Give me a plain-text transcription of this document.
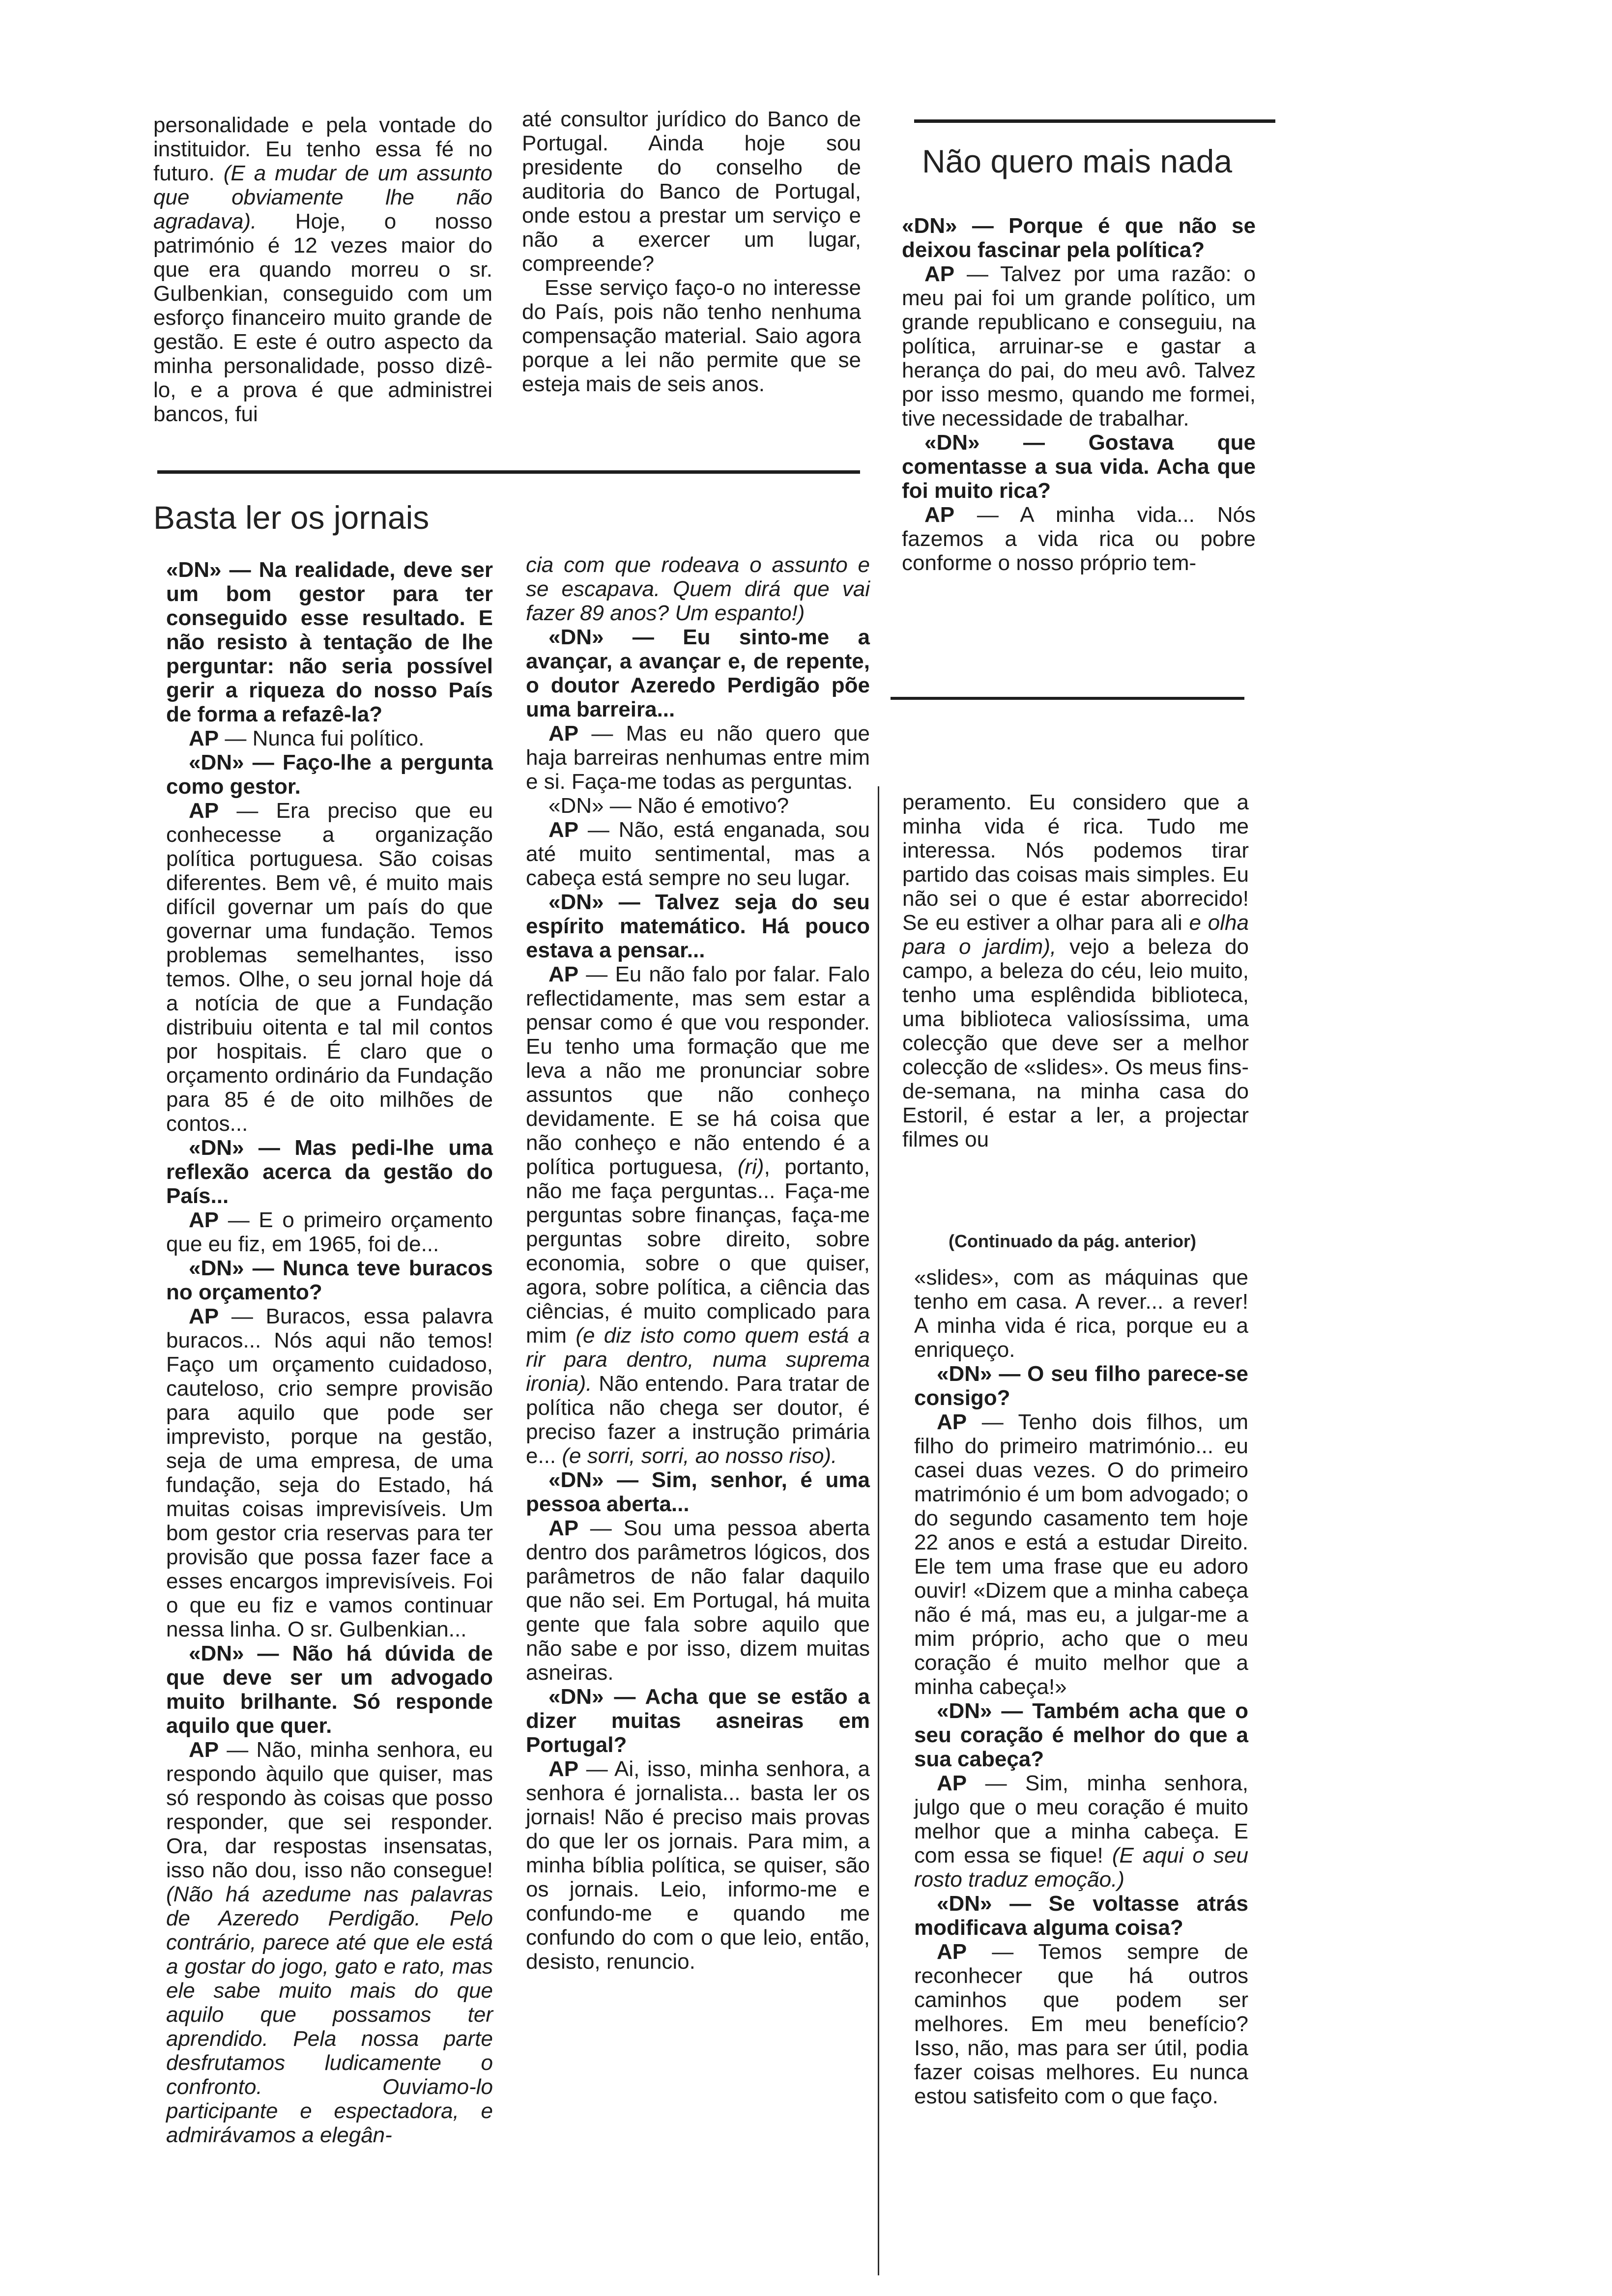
personalidade e pela vontade do instituidor. Eu tenho essa fé no futuro. (E a mudar de um assunto que obviamente lhe não agradava). Hoje, o nosso património é 12 vezes maior do que era quando morreu o sr. Gulbenkian, conseguido com um esforço financeiro muito grande de gestão. E este é outro aspecto da minha personalidade, posso dizê-lo, e a prova é que administrei bancos, fui

até consultor jurídico do Banco de Portugal. Ainda hoje sou presidente do conselho de auditoria do Banco de Portugal, onde estou a prestar um serviço e não a exercer um lugar, compreende?

Esse serviço faço-o no interesse do País, pois não tenho nenhuma compensação material. Saio agora porque a lei não permite que se esteja mais de seis anos.

Não quero mais nada

«DN» — Porque é que não se deixou fascinar pela política?

AP — Talvez por uma razão: o meu pai foi um grande político, um grande republicano e conseguiu, na política, arruinar-se e gastar a herança do pai, do meu avô. Talvez por isso mesmo, quando me formei, tive necessidade de trabalhar.

«DN» — Gostava que comentasse a sua vida. Acha que foi muito rica?

AP — A minha vida... Nós fazemos a vida rica ou pobre conforme o nosso próprio tem-

Basta ler os jornais

«DN» — Na realidade, deve ser um bom gestor para ter conseguido esse resultado. E não resisto à tentação de lhe perguntar: não seria possível gerir a riqueza do nosso País de forma a refazê-la?

AP — Nunca fui político.

«DN» — Faço-lhe a pergunta como gestor.

AP — Era preciso que eu conhecesse a organização política portuguesa. São coisas diferentes. Bem vê, é muito mais difícil governar um país do que governar uma fundação. Temos problemas semelhantes, isso temos. Olhe, o seu jornal hoje dá a notícia de que a Fundação distribuiu oitenta e tal mil contos por hospitais. É claro que o orçamento ordinário da Fundação para 85 é de oito milhões de contos...

«DN» — Mas pedi-lhe uma reflexão acerca da gestão do País...

AP — E o primeiro orçamento que eu fiz, em 1965, foi de...

«DN» — Nunca teve buracos no orçamento?

AP — Buracos, essa palavra buracos... Nós aqui não temos! Faço um orçamento cuidadoso, cauteloso, crio sempre provisão para aquilo que pode ser imprevisto, porque na gestão, seja de uma empresa, de uma fundação, seja do Estado, há muitas coisas imprevisíveis. Um bom gestor cria reservas para ter provisão que possa fazer face a esses encargos imprevisíveis. Foi o que eu fiz e vamos continuar nessa linha. O sr. Gulbenkian...

«DN» — Não há dúvida de que deve ser um advogado muito brilhante. Só responde aquilo que quer.

AP — Não, minha senhora, eu respondo àquilo que quiser, mas só respondo às coisas que posso responder, que sei responder. Ora, dar respostas insensatas, isso não dou, isso não consegue! (Não há azedume nas palavras de Azeredo Perdigão. Pelo contrário, parece até que ele está a gostar do jogo, gato e rato, mas ele sabe muito mais do que aquilo que possamos ter aprendido. Pela nossa parte desfrutamos ludicamente o confronto. Ouviamo-lo participante e espectadora, e admirávamos a elegân-

cia com que rodeava o assunto e se escapava. Quem dirá que vai fazer 89 anos? Um espanto!)

«DN» — Eu sinto-me a avançar, a avançar e, de repente, o doutor Azeredo Perdigão põe uma barreira...

AP — Mas eu não quero que haja barreiras nenhumas entre mim e si. Faça-me todas as perguntas.

«DN» — Não é emotivo?

AP — Não, está enganada, sou até muito sentimental, mas a cabeça está sempre no seu lugar.

«DN» — Talvez seja do seu espírito matemático. Há pouco estava a pensar...

AP — Eu não falo por falar. Falo reflectidamente, mas sem estar a pensar como é que vou responder. Eu tenho uma formação que me leva a não me pronunciar sobre assuntos que não conheço devidamente. E se há coisa que não conheço e não entendo é a política portuguesa, (ri), portanto, não me faça perguntas... Faça-me perguntas sobre finanças, faça-me perguntas sobre direito, sobre economia, sobre o que quiser, agora, sobre política, a ciência das ciências, é muito complicado para mim (e diz isto como quem está a rir para dentro, numa suprema ironia). Não entendo. Para tratar de política não chega ser doutor, é preciso fazer a instrução primária e... (e sorri, sorri, ao nosso riso).

«DN» — Sim, senhor, é uma pessoa aberta...

AP — Sou uma pessoa aberta dentro dos parâmetros lógicos, dos parâmetros de não falar daquilo que não sei. Em Portugal, há muita gente que fala sobre aquilo que não sabe e por isso, dizem muitas asneiras.

«DN» — Acha que se estão a dizer muitas asneiras em Portugal?

AP — Ai, isso, minha senhora, a senhora é jornalista... basta ler os jornais! Não é preciso mais provas do que ler os jornais. Para mim, a minha bíblia política, se quiser, são os jornais. Leio, informo-me e confundo-me e quando me confundo do com o que leio, então, desisto, renuncio.

peramento. Eu considero que a minha vida é rica. Tudo me interessa. Nós podemos tirar partido das coisas mais simples. Eu não sei o que é estar aborrecido! Se eu estiver a olhar para ali e olha para o jardim), vejo a beleza do campo, a beleza do céu, leio muito, tenho uma esplêndida biblioteca, uma biblioteca valiosíssima, uma colecção que deve ser a melhor colecção de «slides». Os meus fins-de-semana, na minha casa do Estoril, é estar a ler, a projectar filmes ou

(Continuado da pág. anterior)

«slides», com as máquinas que tenho em casa. A rever... a rever! A minha vida é rica, porque eu a enriqueço.

«DN» — O seu filho parece-se consigo?

AP — Tenho dois filhos, um filho do primeiro matrimónio... eu casei duas vezes. O do primeiro matrimónio é um bom advogado; o do segundo casamento tem hoje 22 anos e está a estudar Direito. Ele tem uma frase que eu adoro ouvir! «Dizem que a minha cabeça não é má, mas eu, a julgar-me a mim próprio, acho que o meu coração é muito melhor que a minha cabeça!»

«DN» — Também acha que o seu coração é melhor do que a sua cabeça?

AP — Sim, minha senhora, julgo que o meu coração é muito melhor que a minha cabeça. E com essa se fique! (E aqui o seu rosto traduz emoção.)

«DN» — Se voltasse atrás modificava alguma coisa?

AP — Temos sempre de reconhecer que há outros caminhos que podem ser melhores. Em meu benefício? Isso, não, mas para ser útil, podia fazer coisas melhores. Eu nunca estou satisfeito com o que faço.
